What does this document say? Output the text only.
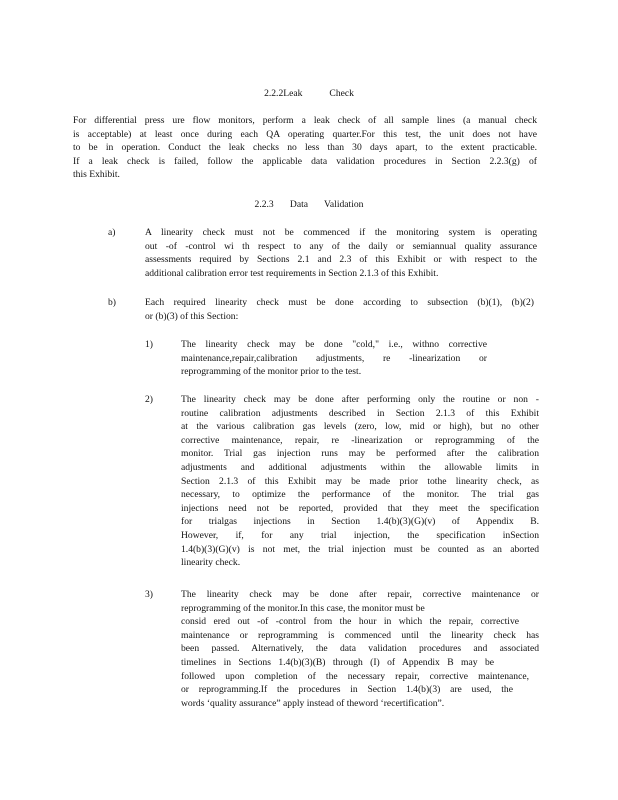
2.2.2Leak     Check
For differential press ure flow monitors, perform a leak check of all sample lines (a manual check
is acceptable) at least once during each QA operating quarter.For this test, the unit does not have
to be in operation. Conduct the leak checks no less than 30 days apart, to the extent practicable.
If a leak check is failed, follow the applicable data validation procedures in Section 2.2.3(g) of
this Exhibit.
2.2.3   Data   Validation
a)	A linearity check must not be commenced if the monitoring system is operating
out -of -control wi th respect to any of the daily or semiannual quality assurance
assessments required by Sections 2.1 and 2.3 of this Exhibit or with respect to the
additional calibration error test requirements in Section 2.1.3 of this Exhibit.
b)	Each required linearity check must be done according to subsection (b)(1), (b)(2)
or (b)(3) of this Section:
1)	The linearity check may be done "cold," i.e., withno corrective
maintenance,repair,calibration adjustments, re -linearization or
reprogramming of the monitor prior to the test.
2)	The linearity check may be done after performing only the routine or non -
routine calibration adjustments described in Section 2.1.3 of this Exhibit
at the various calibration gas levels (zero, low, mid or high), but no other
corrective maintenance, repair, re -linearization or reprogramming of the
monitor. Trial gas injection runs may be performed after the calibration
adjustments and additional adjustments within the allowable limits in
Section 2.1.3 of this Exhibit may be made prior tothe linearity check, as
necessary, to optimize the performance of the monitor. The trial gas
injections need not be reported, provided that they meet the specification
for trialgas injections in Section 1.4(b)(3)(G)(v) of Appendix B.
However, if, for any trial injection, the specification inSection
1.4(b)(3)(G)(v) is not met, the trial injection must be counted as an aborted
linearity check.
3)	The linearity check may be done after repair, corrective maintenance or
reprogramming of the monitor.In this case, the monitor must be
consid ered out -of -control from the hour in which the repair, corrective
maintenance or reprogramming is commenced until the linearity check has
been passed. Alternatively, the data validation procedures and associated
timelines in Sections 1.4(b)(3)(B) through (I) of Appendix B may be
followed upon completion of the necessary repair, corrective maintenance,
or reprogramming.If the procedures in Section 1.4(b)(3) are used, the
words ‘quality assurance” apply instead of theword ‘recertification”.
